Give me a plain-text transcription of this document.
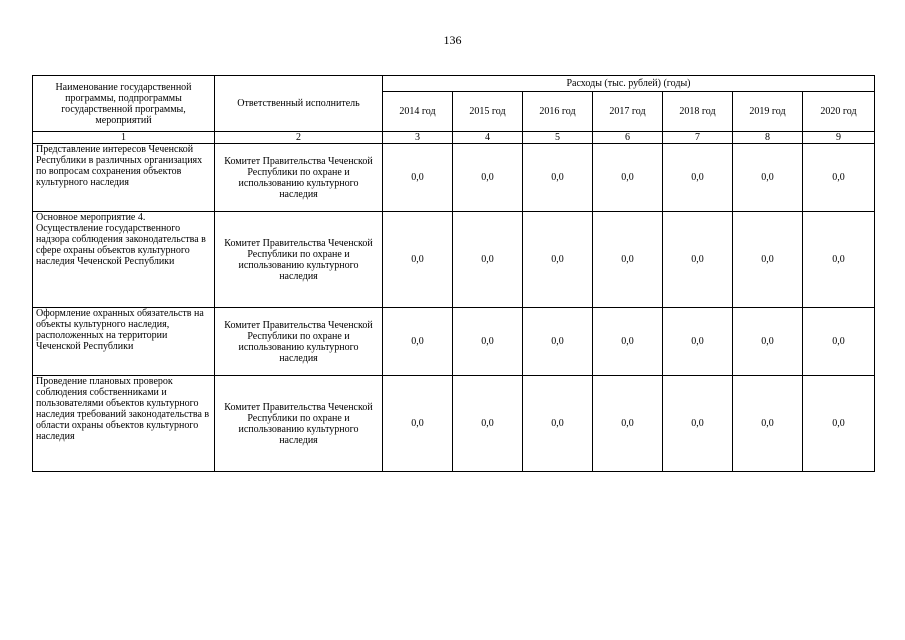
136
Наименование государственной программы, подпрограммы государственной программы, мероприятий	Ответственный исполнитель	Расходы (тыс. рублей) (годы)						
		2014 год	2015 год	2016 год	2017 год	2018 год	2019 год	2020 год
1	2	3	4	5	6	7	8	9
Представление интересов Чеченской Республики в различных организациях по вопросам сохранения объектов культурного наследия	Комитет Правительства Чеченской Республики по охране и использованию культурного наследия	0,0	0,0	0,0	0,0	0,0	0,0	0,0
Основное мероприятие 4. Осуществление государственного надзора соблюдения законодательства в сфере охраны объектов культурного наследия Чеченской Республики	Комитет Правительства Чеченской Республики по охране и использованию культурного наследия	0,0	0,0	0,0	0,0	0,0	0,0	0,0
Оформление охранных обязательств на объекты культурного наследия, расположенных на территории Чеченской Республики	Комитет Правительства Чеченской Республики по охране и использованию культурного наследия	0,0	0,0	0,0	0,0	0,0	0,0	0,0
Проведение плановых проверок соблюдения собственниками и пользователями объектов культурного наследия требований законодательства в области охраны объектов культурного наследия	Комитет Правительства Чеченской Республики по охране и использованию культурного наследия	0,0	0,0	0,0	0,0	0,0	0,0	0,0
